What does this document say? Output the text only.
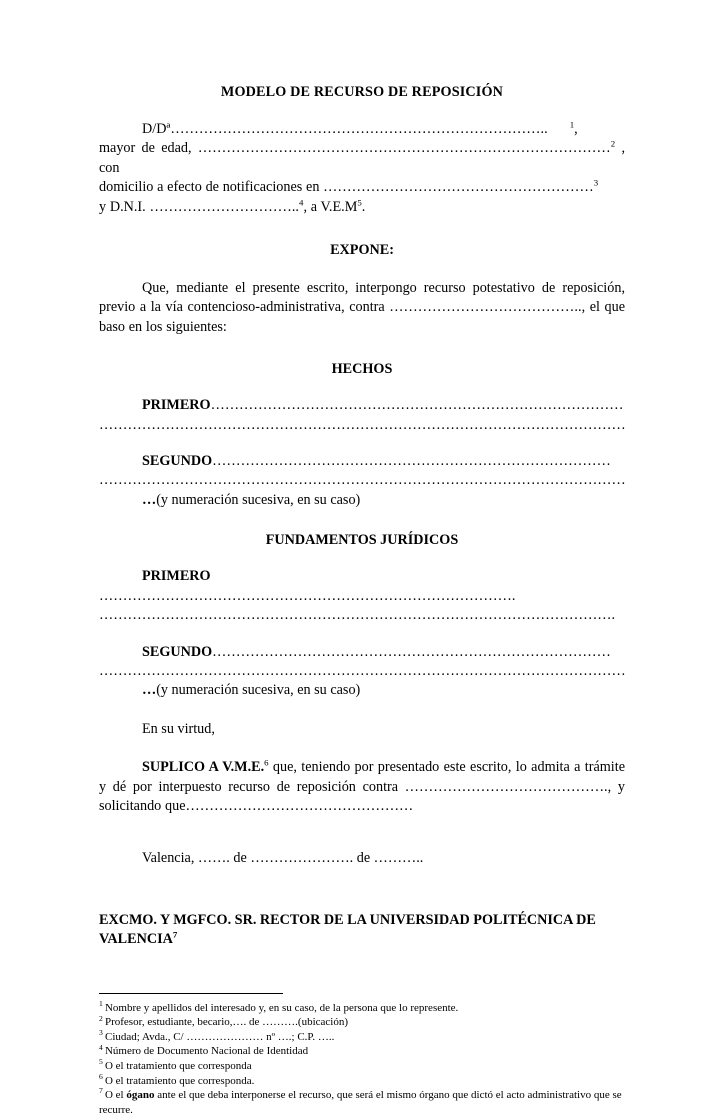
MODELO DE RECURSO DE REPOSICIÓN

D/Dª…………………………………………………………………….. $^1$,
mayor de edad, ……………………………………………………………………………$^2$ , con
domicilio a efecto de notificaciones en …………………………………………………$^3$
y D.N.I. …………………………..$^4$, a $V.E.M^5$.

EXPONE:

Que, mediante el presente escrito, interpongo recurso potestativo de reposición, previo a la vía contencioso-administrativa, contra ………………………………….., el que baso en los siguientes:

HECHOS

PRIMERO……………………………………………………………………………
…………………………………………………………………………………………………

SEGUNDO…………………………………………………………………………
…………………………………………………………………………………………………

…(y numeración sucesiva, en su caso)

FUNDAMENTOS JURÍDICOS

PRIMERO …………………………………………………………………………….
……………………………………………………………………………………………….

SEGUNDO…………………………………………………………………………
…………………………………………………………………………………………………

…(y numeración sucesiva, en su caso)

En su virtud,

SUPLICO A V.M.E.$^6$ que, teniendo por presentado este escrito, lo admita a trámite y dé por interpuesto recurso de reposición contra ……………………………………., y solicitando que…………………………………………

Valencia, ……. de …………………. de ………..

EXCMO. Y MGFCO. SR. RECTOR DE LA UNIVERSIDAD POLITÉCNICA DE VALENCIA$^7$

$^1$ Nombre y apellidos del interesado y, en su caso, de la persona que lo represente.

$^2$ Profesor, estudiante, becario,…. de ……….(ubicación)

$^3$ Ciudad; Avda., C/ ………………… nº ….; C.P. …..

$^4$ Número de Documento Nacional de Identidad

$^5$ O el tratamiento que corresponda

$^6$ O el tratamiento que corresponda.

$^7$ O el ógano ante el que deba interponerse el recurso, que será el mismo órgano que dictó el acto administrativo que se recurre.
